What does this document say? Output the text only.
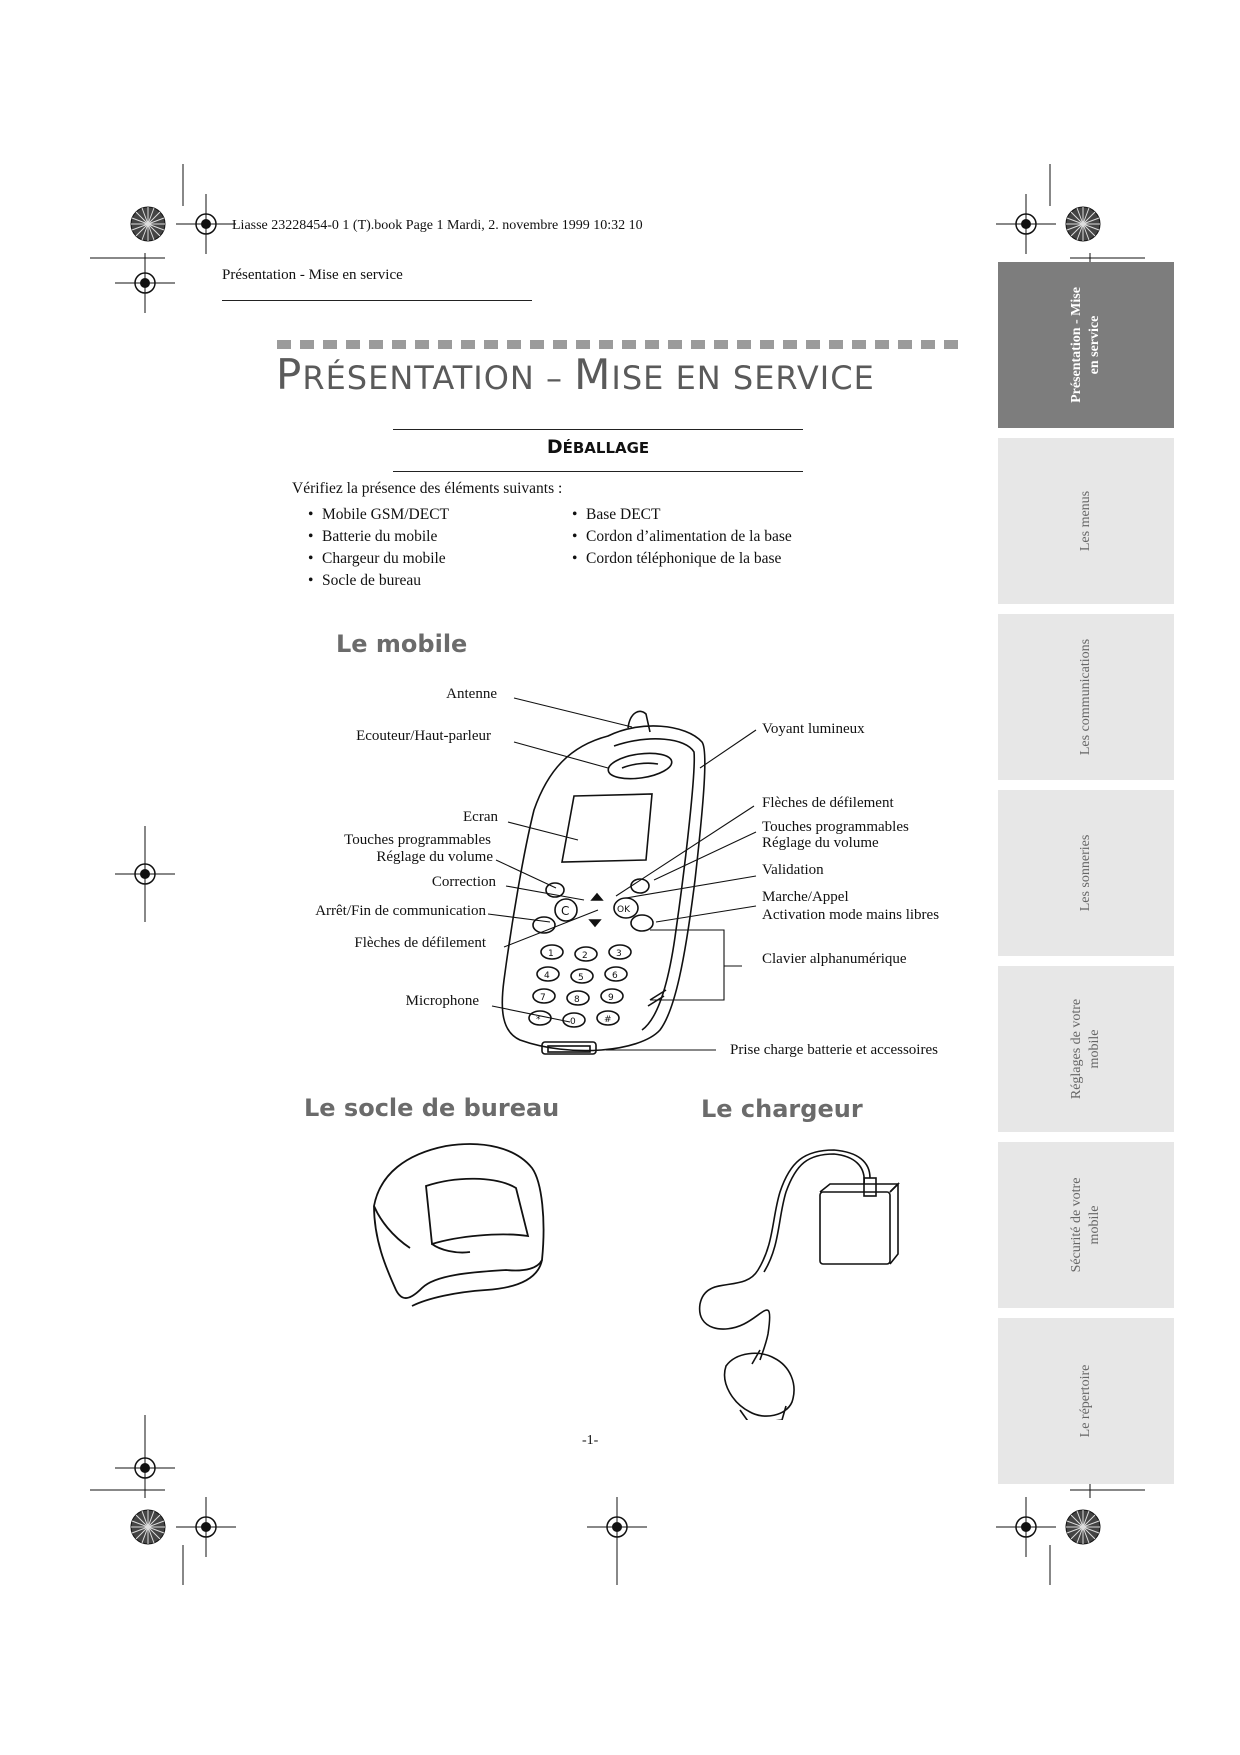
Liasse 23228454-0 1 (T).book Page 1 Mardi, 2. novembre 1999 10:32 10
Présentation - Mise en service
PRÉSENTATION – MISE EN SERVICE
DÉBALLAGE
Vérifiez la présence des éléments suivants :
• Mobile GSM/DECT
• Batterie du mobile
• Chargeur du mobile
• Socle de bureau
• Base DECT
• Cordon d’alimentation de la base
• Cordon téléphonique de la base
Le mobile
C	OK
1	2	3
4	5	6
7	8	9
*	0	#
Antenne
Ecouteur/Haut-parleur
Ecran
Touches programmables
Réglage du volume
Correction
Arrêt/Fin de communication
Flèches de défilement
Microphone
Voyant lumineux
Flèches de défilement
Touches programmables
Réglage du volume
Validation
Marche/Appel
Activation mode mains libres
Clavier alphanumérique
Prise charge batterie et accessoires
Le socle de bureau	Le chargeur
-1-
Présentation - Mise en service
Les menus
Les communications
Les sonneries
Réglages de votre mobile
Sécurité de votre mobile
Le répertoire
